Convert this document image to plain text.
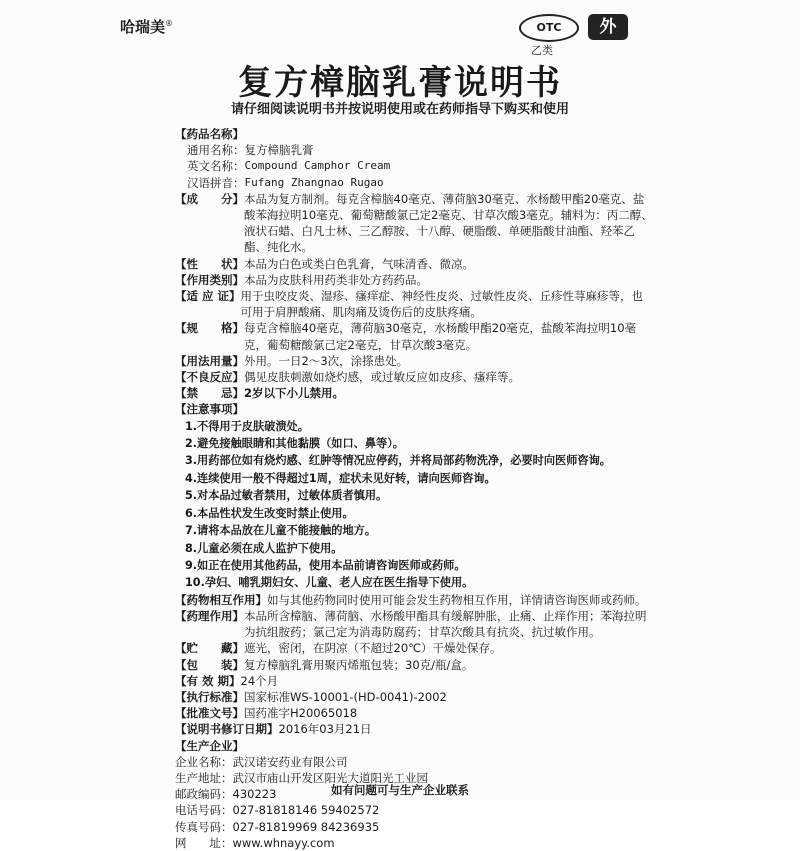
哈瑞美®	OTC
乙类
外
复方樟脑乳膏说明书
请仔细阅读说明书并按说明使用或在药师指导下购买和使用
【药品名称】
通用名称： 复方樟脑乳膏
英文名称： Compound Camphor Cream
汉语拼音： Fufang Zhangnao Rugao
【成　　分】 本品为复方制剂。每克含樟脑40毫克、薄荷脑30毫克、水杨酸甲酯20毫克、盐酸苯海拉明10毫克、葡萄糖酸氯己定2毫克、甘草次酸3毫克。辅料为：丙二醇、液状石蜡、白凡士林、三乙醇胺、十八醇、硬脂酸、单硬脂酸甘油酯、羟苯乙酯、纯化水。
【性　　状】 本品为白色或类白色乳膏，气味清香、微凉。
【作用类别】 本品为皮肤科用药类非处方药药品。
【适 应 证】 用于虫咬皮炎、湿疹、瘙痒症、神经性皮炎、过敏性皮炎、丘疹性荨麻疹等，也可用于肩胛酸痛、肌肉痛及烫伤后的皮肤疼痛。
【规　　格】 每克含樟脑40毫克，薄荷脑30毫克，水杨酸甲酯20毫克，盐酸苯海拉明10毫克，葡萄糖酸氯己定2毫克，甘草次酸3毫克。
【用法用量】 外用。一日2～3次，涂搽患处。
【不良反应】 偶见皮肤刺激如烧灼感，或过敏反应如皮疹、瘙痒等。
【禁　　忌】 2岁以下小儿禁用。
【注意事项】
1.不得用于皮肤破溃处。
2.避免接触眼睛和其他黏膜（如口、鼻等）。
3.用药部位如有烧灼感、红肿等情况应停药，并将局部药物洗净，必要时向医师咨询。
4.连续使用一般不得超过1周，症状未见好转，请向医师咨询。
5.对本品过敏者禁用，过敏体质者慎用。
6.本品性状发生改变时禁止使用。
7.请将本品放在儿童不能接触的地方。
8.儿童必须在成人监护下使用。
9.如正在使用其他药品，使用本品前请咨询医师或药师。
10.孕妇、哺乳期妇女、儿童、老人应在医生指导下使用。
【药物相互作用】 如与其他药物同时使用可能会发生药物相互作用，详情请咨询医师或药师。
【药理作用】 本品所含樟脑、薄荷脑、水杨酸甲酯具有缓解肿胀，止痛、止痒作用；苯海拉明为抗组胺药；氯己定为消毒防腐药；甘草次酸具有抗炎、抗过敏作用。
【贮　　藏】 遮光，密闭，在阴凉（不超过20℃）干燥处保存。
【包　　装】 复方樟脑乳膏用聚丙烯瓶包装；30克/瓶/盒。
【有 效 期】 24个月
【执行标准】 国家标准WS-10001-(HD-0041)-2002
【批准文号】 国药准字H20065018
【说明书修订日期】 2016年03月21日
【生产企业】
企业名称： 武汉诺安药业有限公司
生产地址： 武汉市庙山开发区阳光大道阳光工业园
邮政编码： 430223
电话号码： 027-81818146 59402572
传真号码： 027-81819969 84236935
网　　址： www.whnayy.com
如有问题可与生产企业联系
